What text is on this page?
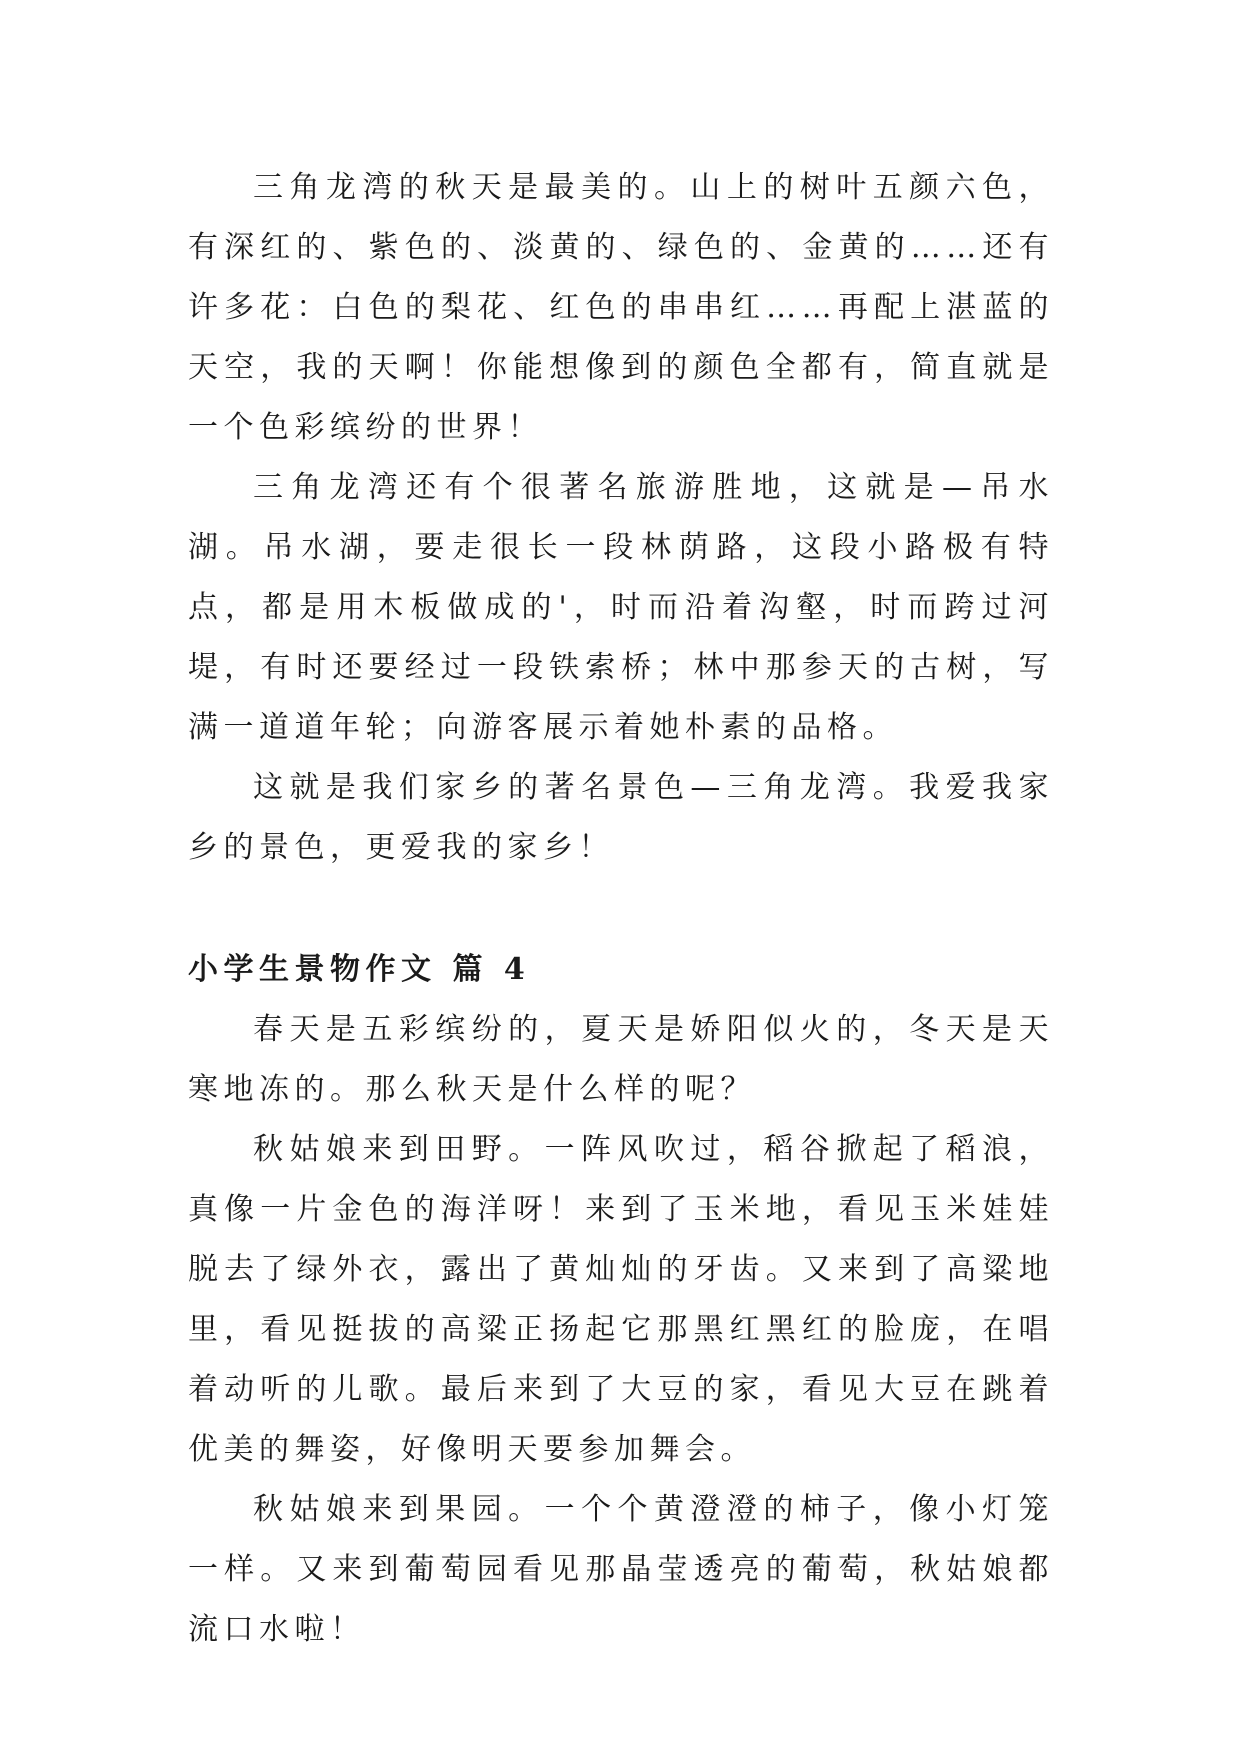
三角龙湾的秋天是最美的。山上的树叶五颜六色，有深红的、紫色的、淡黄的、绿色的、金黄的……还有许多花：白色的梨花、红色的串串红……再配上湛蓝的天空，我的天啊！你能想像到的颜色全都有，简直就是一个色彩缤纷的世界！

三角龙湾还有个很著名旅游胜地，这就是—吊水湖。吊水湖，要走很长一段林荫路，这段小路极有特点，都是用木板做成的'，时而沿着沟壑，时而跨过河堤，有时还要经过一段铁索桥；林中那参天的古树，写满一道道年轮；向游客展示着她朴素的品格。

这就是我们家乡的著名景色—三角龙湾。我爱我家乡的景色，更爱我的家乡！

小学生景物作文 篇 4

春天是五彩缤纷的，夏天是娇阳似火的，冬天是天寒地冻的。那么秋天是什么样的呢？

秋姑娘来到田野。一阵风吹过，稻谷掀起了稻浪，真像一片金色的海洋呀！来到了玉米地，看见玉米娃娃脱去了绿外衣，露出了黄灿灿的牙齿。又来到了高粱地里，看见挺拔的高粱正扬起它那黑红黑红的脸庞，在唱着动听的儿歌。最后来到了大豆的家，看见大豆在跳着优美的舞姿，好像明天要参加舞会。

秋姑娘来到果园。一个个黄澄澄的柿子，像小灯笼一样。又来到葡萄园看见那晶莹透亮的葡萄，秋姑娘都流口水啦！
